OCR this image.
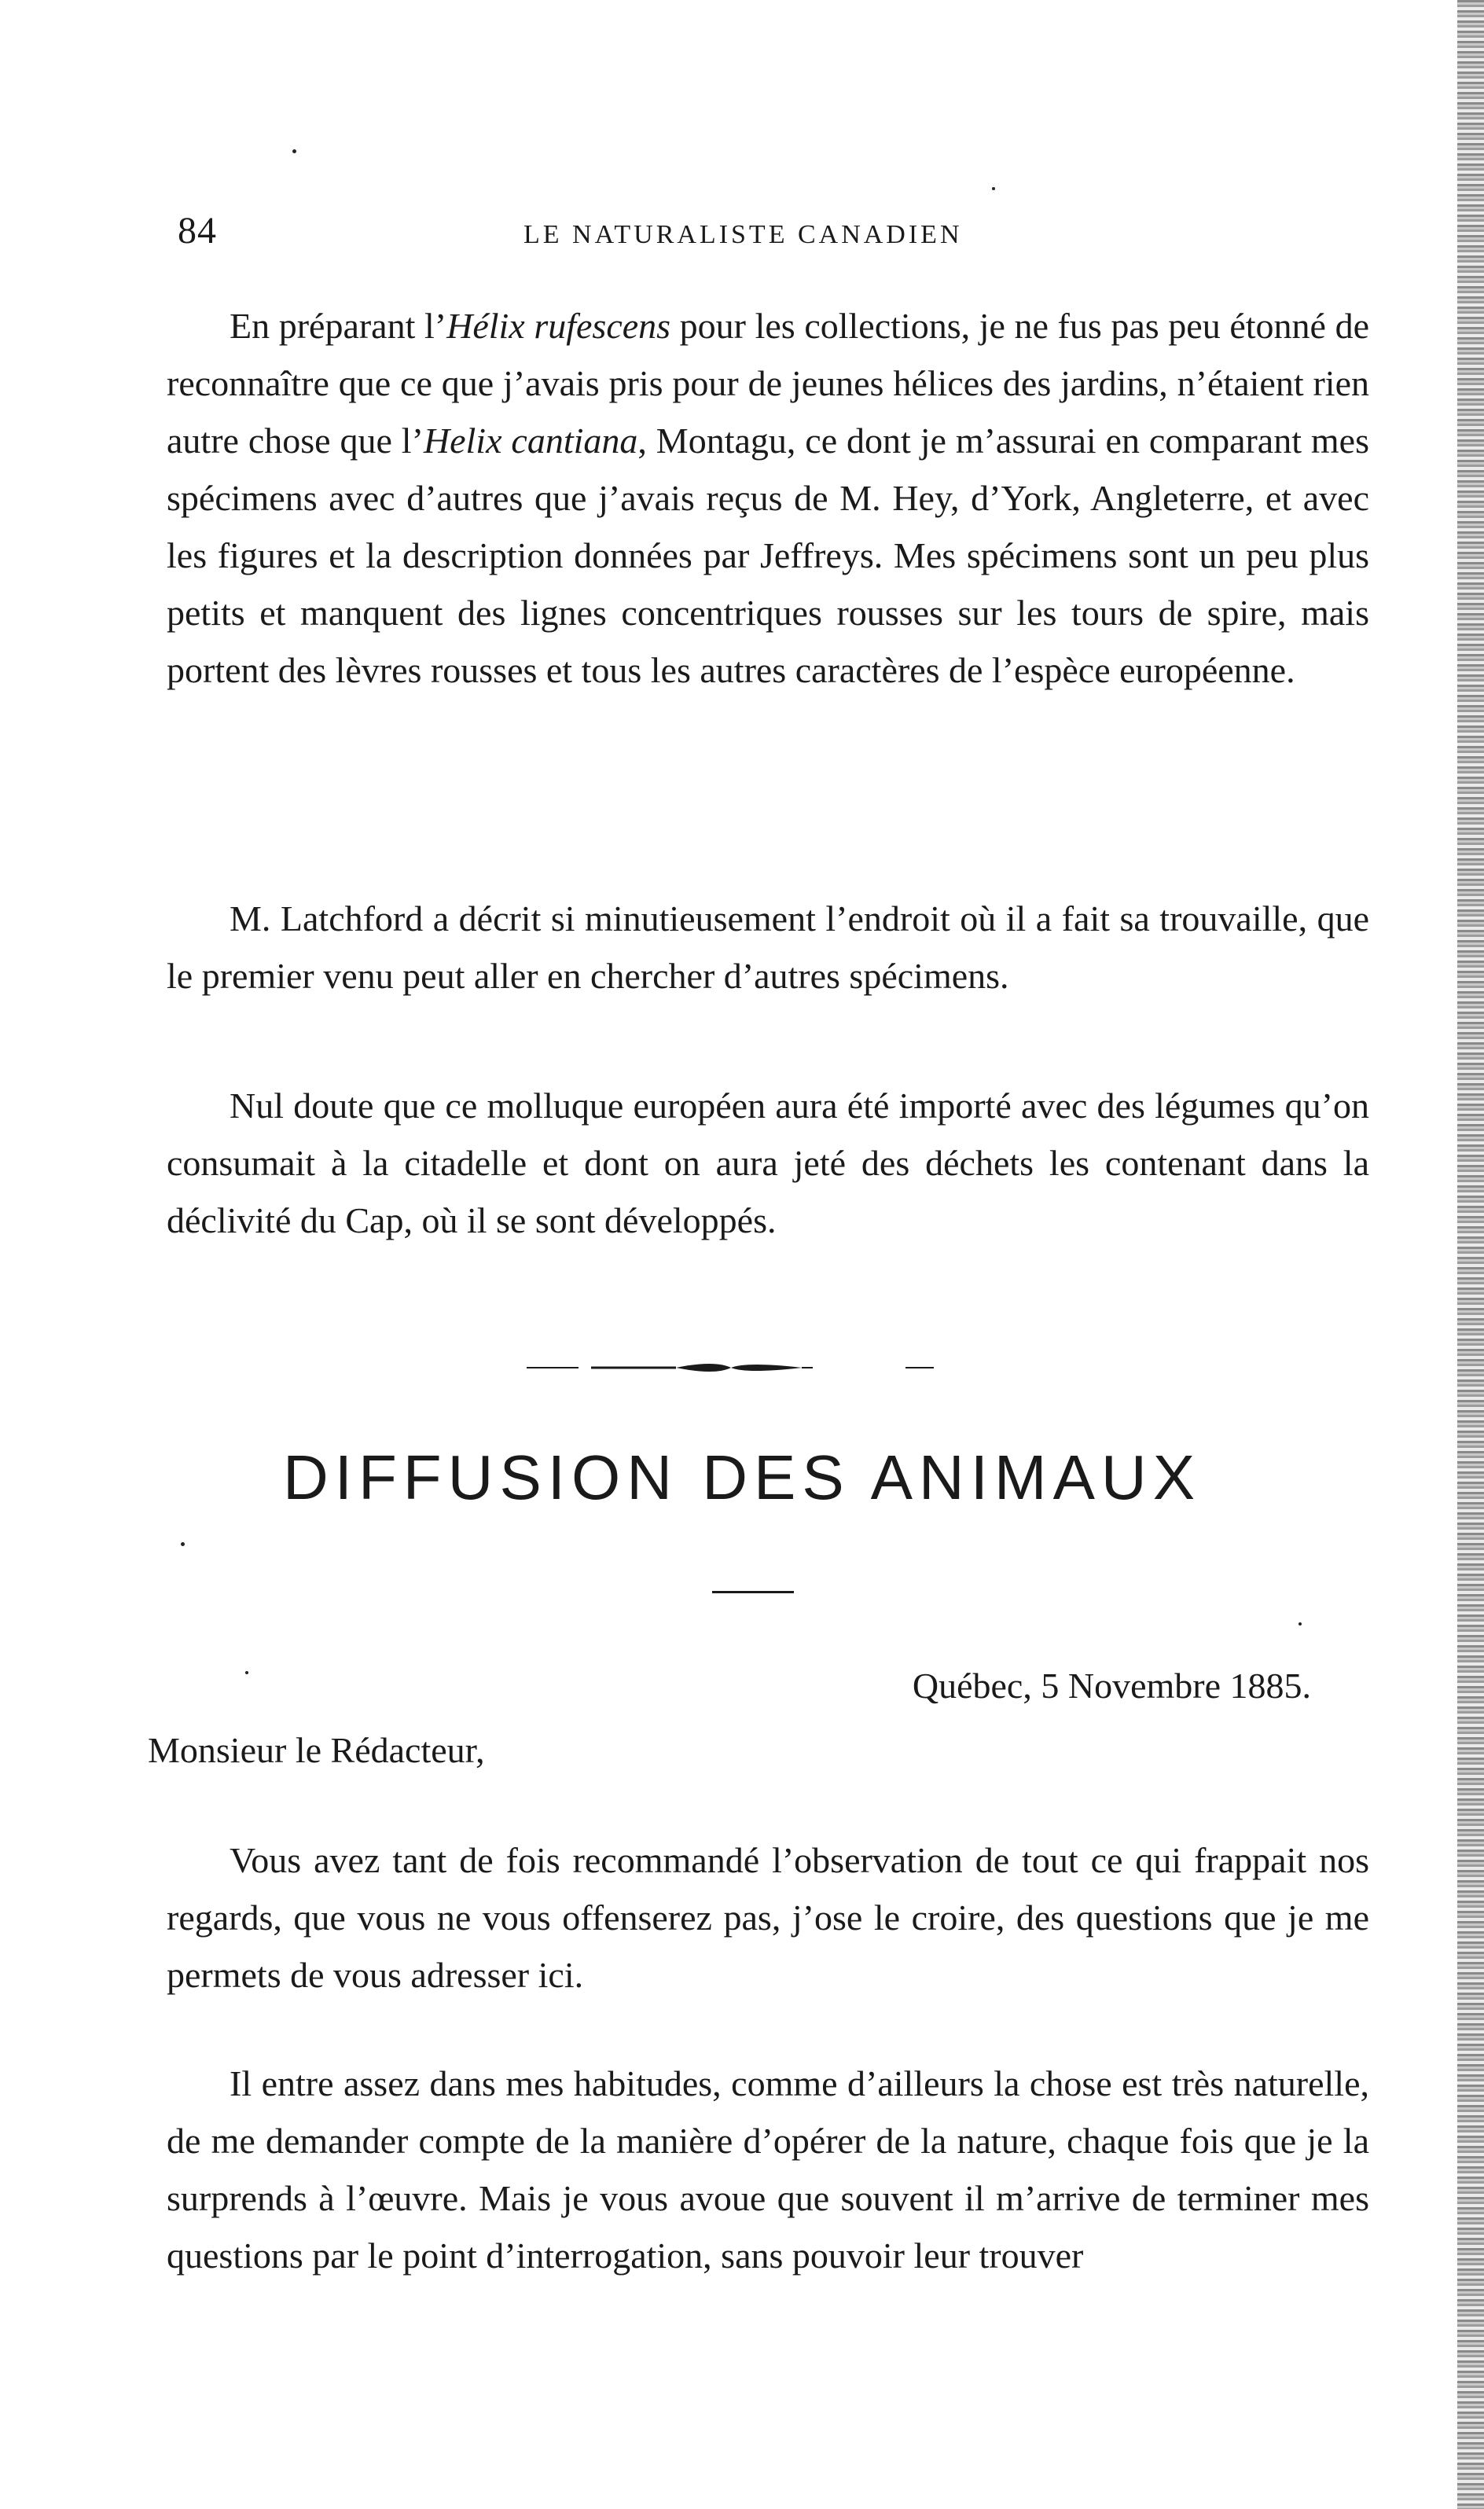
84	LE NATURALISTE CANADIEN

En préparant l’Hélix rufescens pour les collections, je ne fus pas peu étonné de reconnaître que ce que j’avais pris pour de jeunes hélices des jardins, n’étaient rien autre chose que l’Helix cantiana, Montagu, ce dont je m’assurai en comparant mes spécimens avec d’autres que j’avais reçus de M. Hey, d’York, Angleterre, et avec les figures et la description données par Jeffreys. Mes spécimens sont un peu plus petits et manquent des lignes concentriques rousses sur les tours de spire, mais portent des lèvres rousses et tous les autres caractères de l’espèce européenne.

M. Latchford a décrit si minutieusement l’endroit où il a fait sa trouvaille, que le premier venu peut aller en chercher d’autres spécimens.

Nul doute que ce molluque européen aura été importé avec des légumes qu’on consumait à la citadelle et dont on aura jeté des déchets les contenant dans la déclivité du Cap, où il se sont développés.

DIFFUSION DES ANIMAUX
Québec, 5 Novembre 1885.
Monsieur le Rédacteur,

Vous avez tant de fois recommandé l’observation de tout ce qui frappait nos regards, que vous ne vous offenserez pas, j’ose le croire, des questions que je me permets de vous adresser ici.

Il entre assez dans mes habitudes, comme d’ailleurs la chose est très naturelle, de me demander compte de la manière d’opérer de la nature, chaque fois que je la surprends à l’œuvre. Mais je vous avoue que souvent il m’arrive de terminer mes questions par le point d’interrogation, sans pouvoir leur trouver
